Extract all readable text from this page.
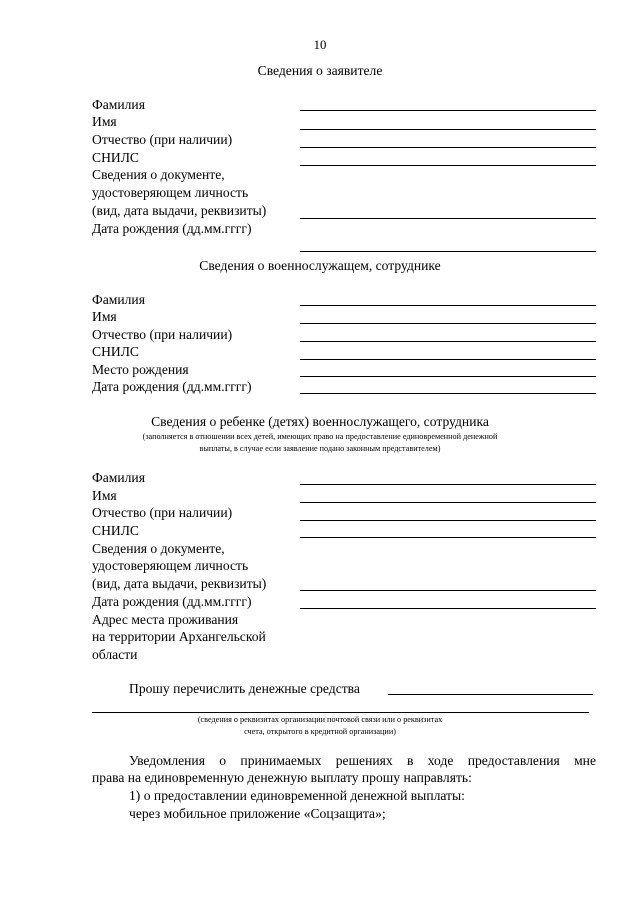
10
Сведения о заявителе
Фамилия
Имя
Отчество (при наличии)
СНИЛС
Сведения о документе,
удостоверяющем личность
(вид, дата выдачи, реквизиты)
Дата рождения (дд.мм.гггг)
Сведения о военнослужащем, сотруднике
Фамилия
Имя
Отчество (при наличии)
СНИЛС
Место рождения
Дата рождения (дд.мм.гггг)
Сведения о ребенке (детях) военнослужащего, сотрудника
(заполняется в отношении всех детей, имеющих право на предоставление единовременной денежной
выплаты, в случае если заявление подано законным представителем)
Фамилия
Имя
Отчество (при наличии)
СНИЛС
Сведения о документе,
удостоверяющем личность
(вид, дата выдачи, реквизиты)
Дата рождения (дд.мм.гггг)
Адрес места проживания
на территории Архангельской
области
Прошу перечислить денежные средства
(сведения о реквизитах организации почтовой связи или о реквизитах
счета, открытого в кредитной организации)
Уведомления о принимаемых решениях в ходе предоставления мне
права на единовременную денежную выплату прошу направлять:
1) о предоставлении единовременной денежной выплаты:
через мобильное приложение «Соцзащита»;
